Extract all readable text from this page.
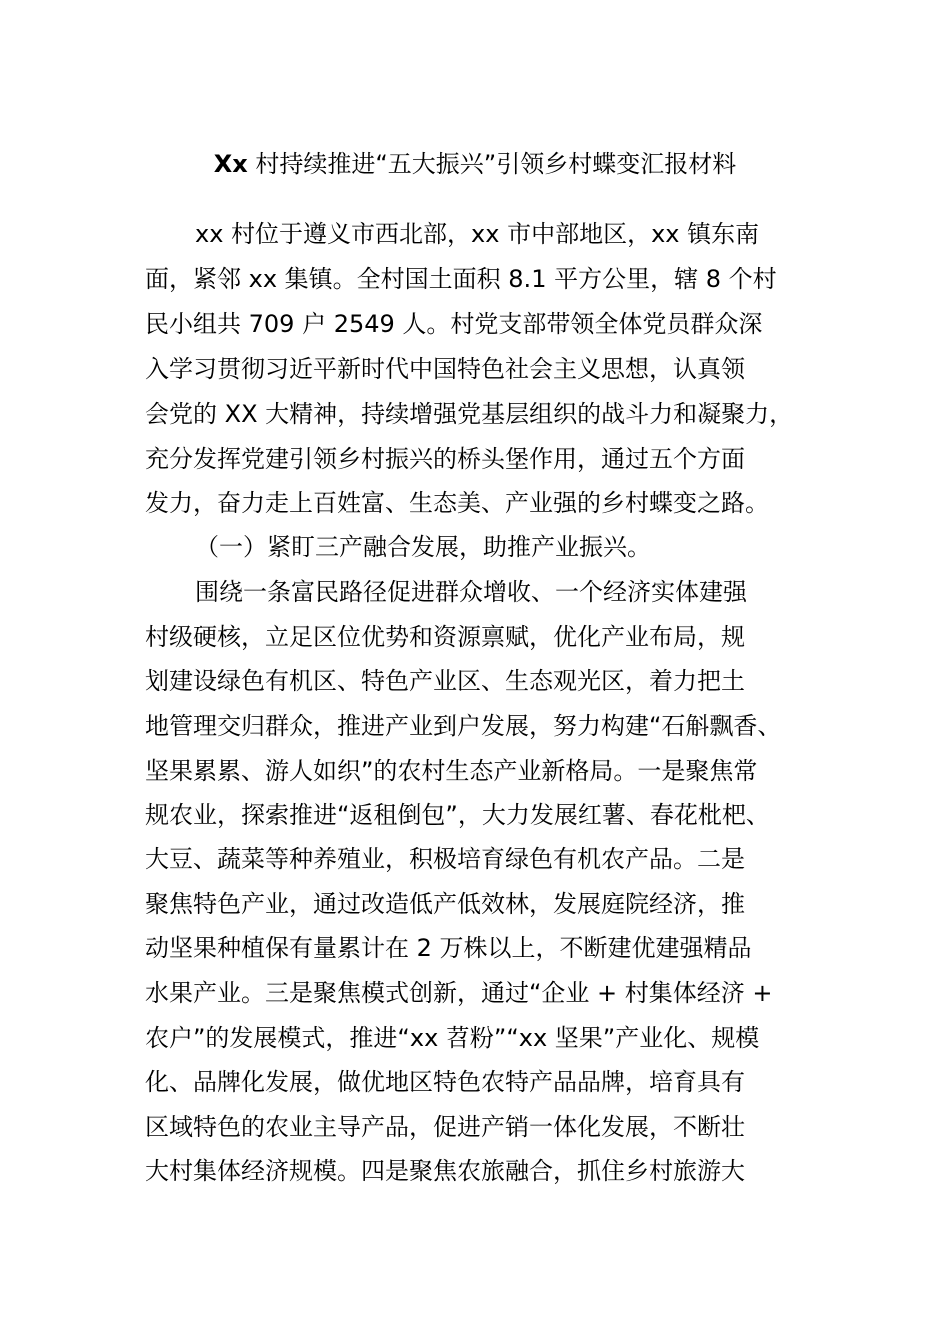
Xx 村持续推进“五大振兴”引领乡村蝶变汇报材料
xx 村位于遵义市西北部，xx 市中部地区，xx 镇东南
面，紧邻 xx 集镇。全村国土面积 8.1 平方公里，辖 8 个村
民小组共 709 户 2549 人。村党支部带领全体党员群众深
入学习贯彻习近平新时代中国特色社会主义思想，认真领
会党的 XX 大精神，持续增强党基层组织的战斗力和凝聚力，
充分发挥党建引领乡村振兴的桥头堡作用，通过五个方面
发力，奋力走上百姓富、生态美、产业强的乡村蝶变之路。
（一）紧盯三产融合发展，助推产业振兴。
围绕一条富民路径促进群众增收、一个经济实体建强
村级硬核，立足区位优势和资源禀赋，优化产业布局，规
划建设绿色有机区、特色产业区、生态观光区，着力把土
地管理交归群众，推进产业到户发展，努力构建“石斛飘香、
坚果累累、游人如织”的农村生态产业新格局。一是聚焦常
规农业，探索推进“返租倒包”，大力发展红薯、春花枇杷、
大豆、蔬菜等种养殖业，积极培育绿色有机农产品。二是
聚焦特色产业，通过改造低产低效林，发展庭院经济，推
动坚果种植保有量累计在 2 万株以上，不断建优建强精品
水果产业。三是聚焦模式创新，通过“企业 + 村集体经济 +
农户”的发展模式，推进“xx 苕粉”“xx 坚果”产业化、规模
化、品牌化发展，做优地区特色农特产品品牌，培育具有
区域特色的农业主导产品，促进产销一体化发展，不断壮
大村集体经济规模。四是聚焦农旅融合，抓住乡村旅游大
